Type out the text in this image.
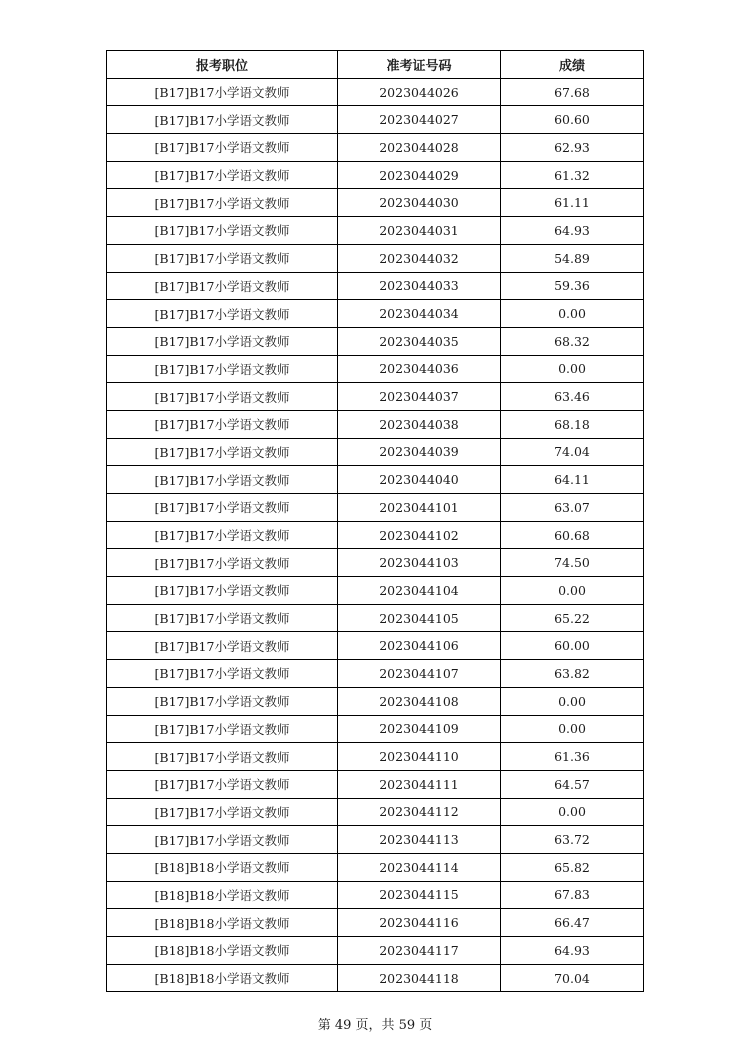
报考职位	准考证号码	成绩
[B17]B17小学语文教师	2023044026	67.68
[B17]B17小学语文教师	2023044027	60.60
[B17]B17小学语文教师	2023044028	62.93
[B17]B17小学语文教师	2023044029	61.32
[B17]B17小学语文教师	2023044030	61.11
[B17]B17小学语文教师	2023044031	64.93
[B17]B17小学语文教师	2023044032	54.89
[B17]B17小学语文教师	2023044033	59.36
[B17]B17小学语文教师	2023044034	0.00
[B17]B17小学语文教师	2023044035	68.32
[B17]B17小学语文教师	2023044036	0.00
[B17]B17小学语文教师	2023044037	63.46
[B17]B17小学语文教师	2023044038	68.18
[B17]B17小学语文教师	2023044039	74.04
[B17]B17小学语文教师	2023044040	64.11
[B17]B17小学语文教师	2023044101	63.07
[B17]B17小学语文教师	2023044102	60.68
[B17]B17小学语文教师	2023044103	74.50
[B17]B17小学语文教师	2023044104	0.00
[B17]B17小学语文教师	2023044105	65.22
[B17]B17小学语文教师	2023044106	60.00
[B17]B17小学语文教师	2023044107	63.82
[B17]B17小学语文教师	2023044108	0.00
[B17]B17小学语文教师	2023044109	0.00
[B17]B17小学语文教师	2023044110	61.36
[B17]B17小学语文教师	2023044111	64.57
[B17]B17小学语文教师	2023044112	0.00
[B17]B17小学语文教师	2023044113	63.72
[B18]B18小学语文教师	2023044114	65.82
[B18]B18小学语文教师	2023044115	67.83
[B18]B18小学语文教师	2023044116	66.47
[B18]B18小学语文教师	2023044117	64.93
[B18]B18小学语文教师	2023044118	70.04
第 49 页，共 59 页
